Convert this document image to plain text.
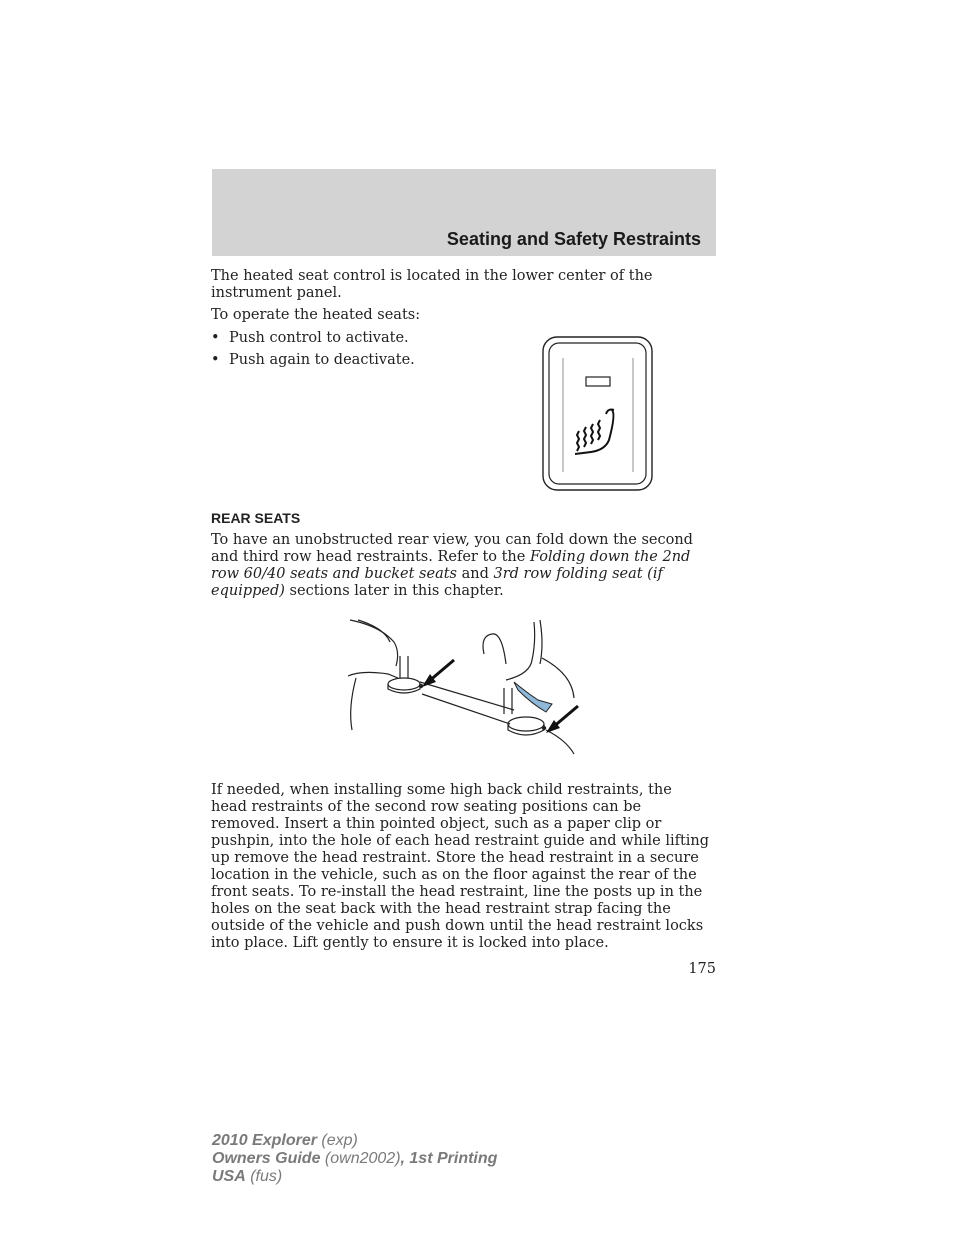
Seating and Safety Restraints

The heated seat control is located in the lower center of the instrument panel.

To operate the heated seats:

• Push control to activate.
• Push again to deactivate.
REAR SEATS

To have an unobstructed rear view, you can fold down the second and third row head restraints. Refer to the Folding down the 2nd row 60/40 seats and bucket seats and 3rd row folding seat (if equipped) sections later in this chapter.

If needed, when installing some high back child restraints, the head restraints of the second row seating positions can be removed. Insert a thin pointed object, such as a paper clip or pushpin, into the hole of each head restraint guide and while lifting up remove the head restraint. Store the head restraint in a secure location in the vehicle, such as on the floor against the rear of the front seats. To re-install the head restraint, line the posts up in the holes on the seat back with the head restraint strap facing the outside of the vehicle and push down until the head restraint locks into place. Lift gently to ensure it is locked into place.

175
2010 Explorer (exp)
Owners Guide (own2002), 1st Printing
USA (fus)
